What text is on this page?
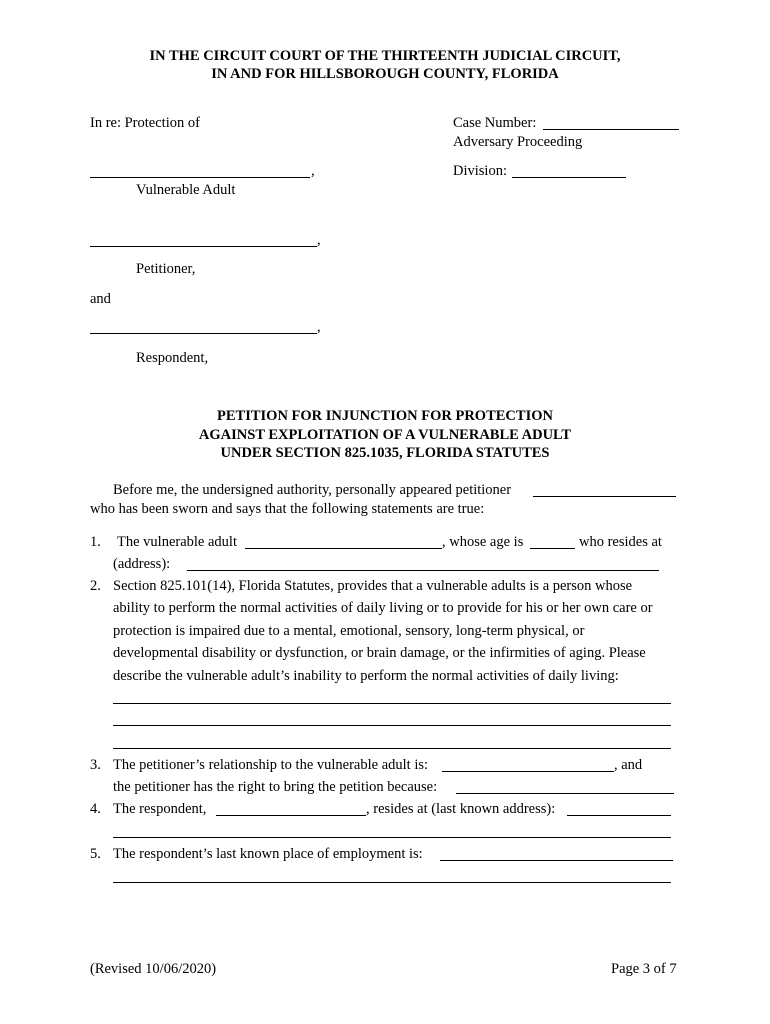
IN THE CIRCUIT COURT OF THE THIRTEENTH JUDICIAL CIRCUIT,
IN AND FOR HILLSBOROUGH COUNTY, FLORIDA
In re: Protection of
,
Vulnerable Adult
,
Petitioner,
and
,
Respondent,
Case Number:
Adversary Proceeding
Division:
PETITION FOR INJUNCTION FOR PROTECTION
AGAINST EXPLOITATION OF A VULNERABLE ADULT
UNDER SECTION 825.1035, FLORIDA STATUTES
Before me, the undersigned authority, personally appeared petitioner
who has been sworn and says that the following statements are true:
1.	The vulnerable adult	, whose age is	who resides at
(address):
2. Section 825.101(14), Florida Statutes, provides that a vulnerable adults is a person whose
ability to perform the normal activities of daily living or to provide for his or her own care or
protection is impaired due to a mental, emotional, sensory, long-term physical, or
developmental disability or dysfunction, or brain damage, or the infirmities of aging. Please
describe the vulnerable adult’s inability to perform the normal activities of daily living:
3. The petitioner’s relationship to the vulnerable adult is:	, and
the petitioner has the right to bring the petition because:
4. The respondent,	, resides at (last known address):
5. The respondent’s last known place of employment is:
(Revised 10/06/2020)	Page 3 of 7
